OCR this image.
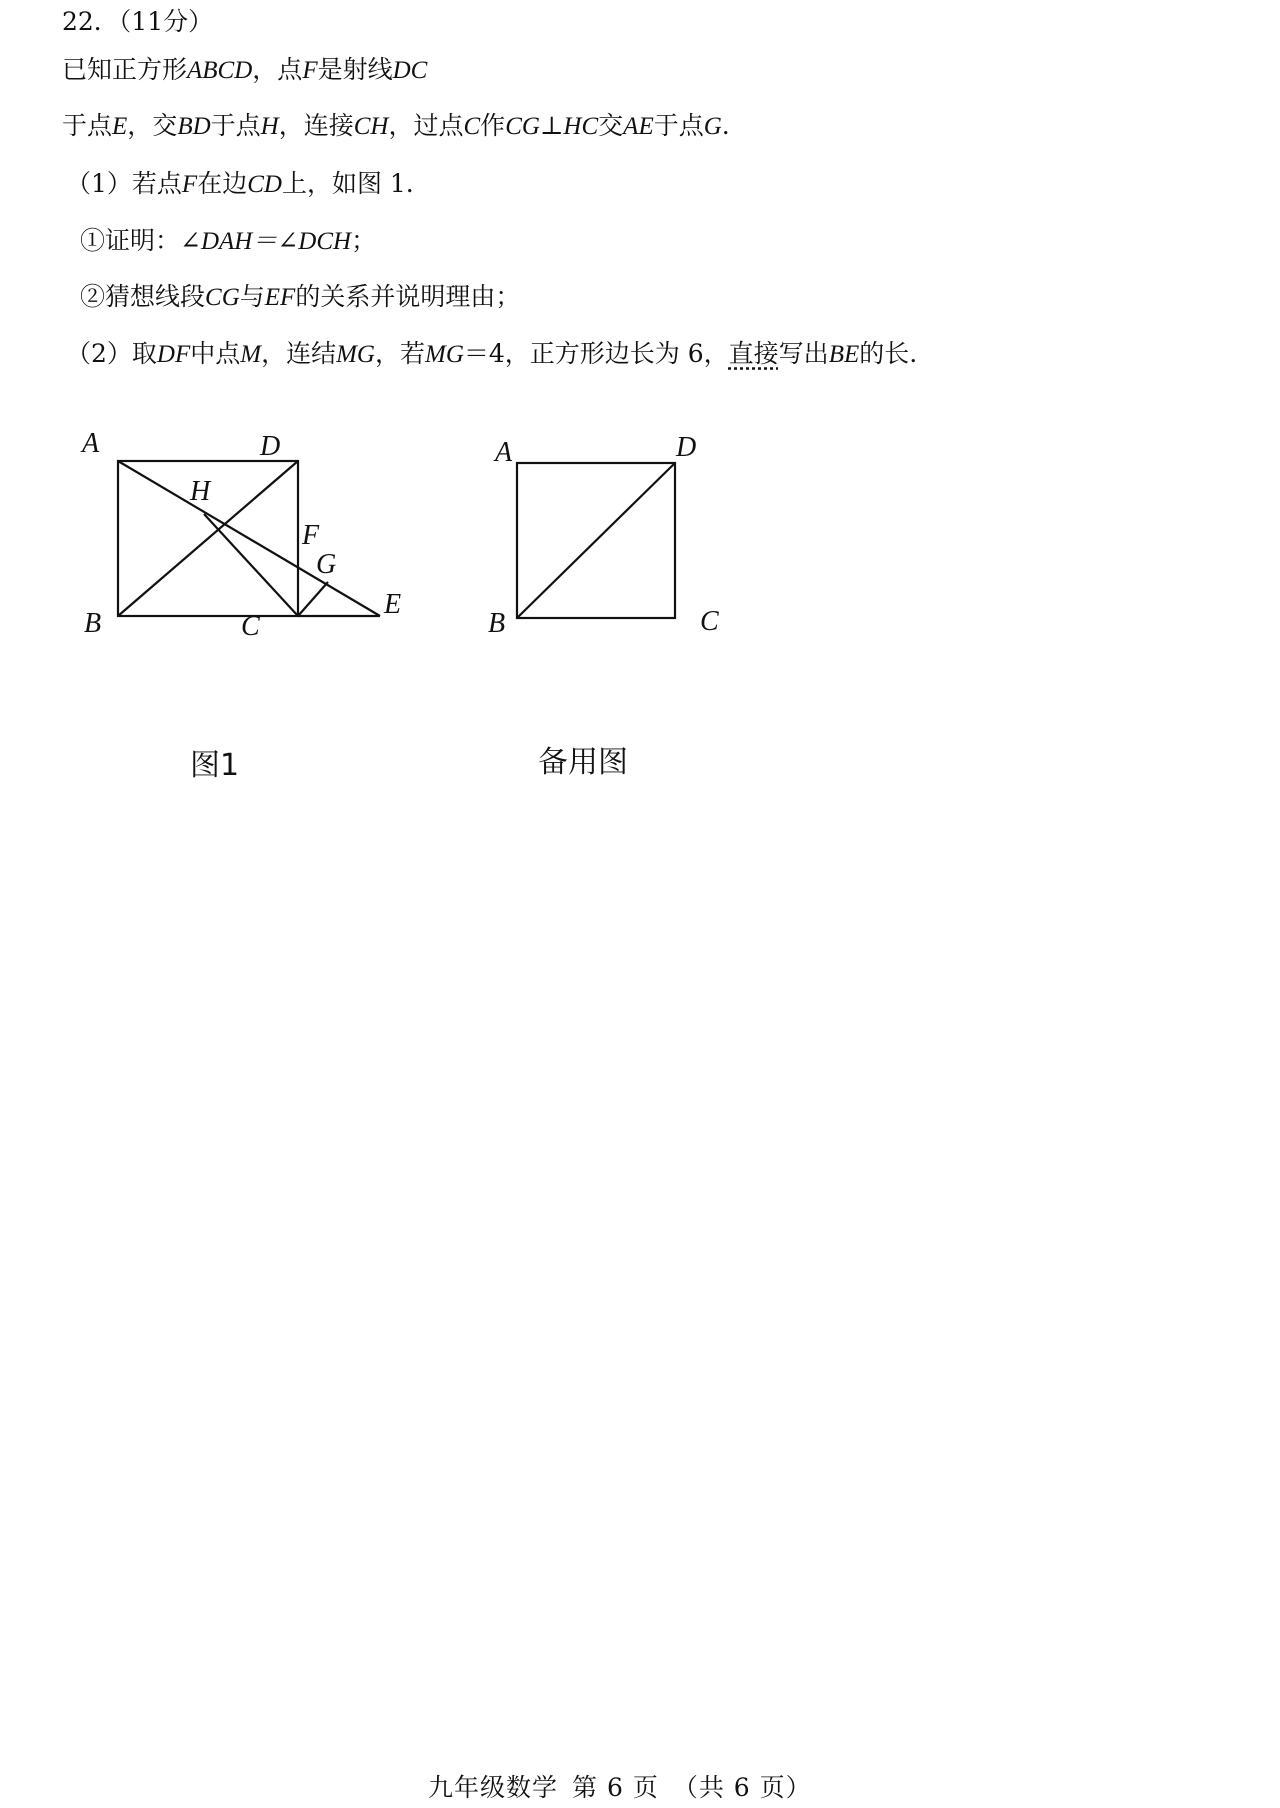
22．（11分）
已知正方形ABCD，点F是射线DC
于点E，交BD于点H，连接CH，过点C作CG⊥HC交AE于点G.
（1）若点F在边CD上，如图 1.
①证明：∠DAH＝∠DCH；
②猜想线段CG与EF的关系并说明理由；
（2）取DF中点M，连结MG，若MG＝4，正方形边长为 6，直接写出BE的长.
A	D
B	C
E
F
G
H
图1
A	D
B	C
备用图
九年级数学 第 6 页 （共 6 页）
